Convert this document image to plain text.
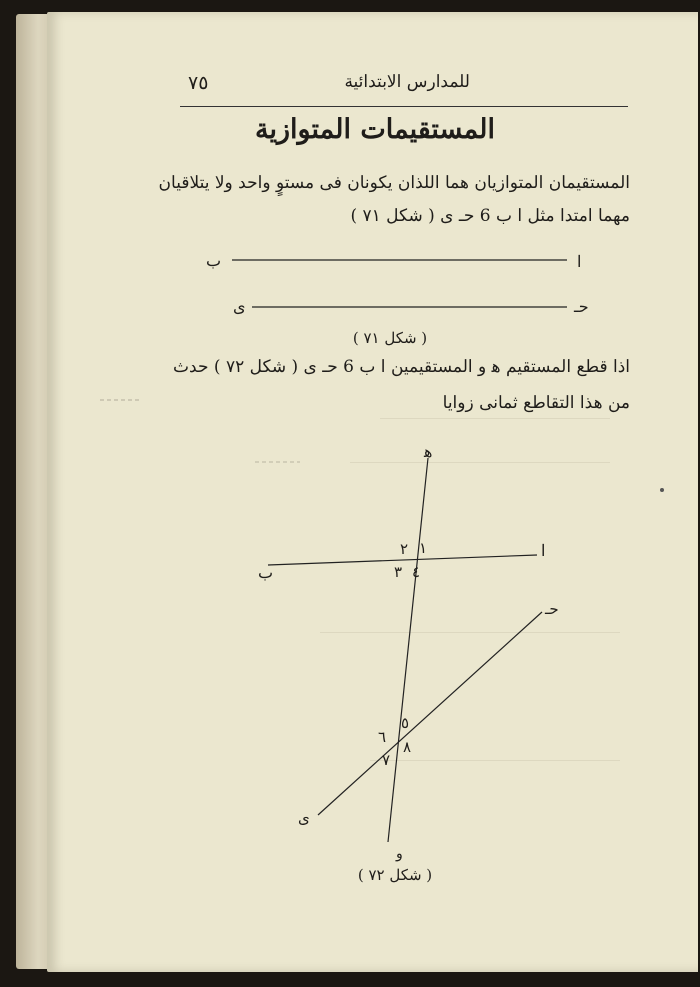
للمدارس الابتدائية
٧٥
المستقيمات المتوازية
المستقيمان المتوازيان هما اللذان يكونان فى مستوٍ واحد ولا يتلاقيان
مهما امتدا مثل ا ب 6 حـ ى ( شكل ٧١ )
ا
ب
حـ
ى
ﻫ
و
ا
ب
حـ
ى
١
٢
٣ ٤
٥
٦
٧
٨
( شكل ٧١ )
اذا قطع المستقيم ﻫ و المستقيمين ا ب 6 حـ ى ( شكل ٧٢ ) حدث
من هذا التقاطع ثمانى زوايا
( شكل ٧٢ )
